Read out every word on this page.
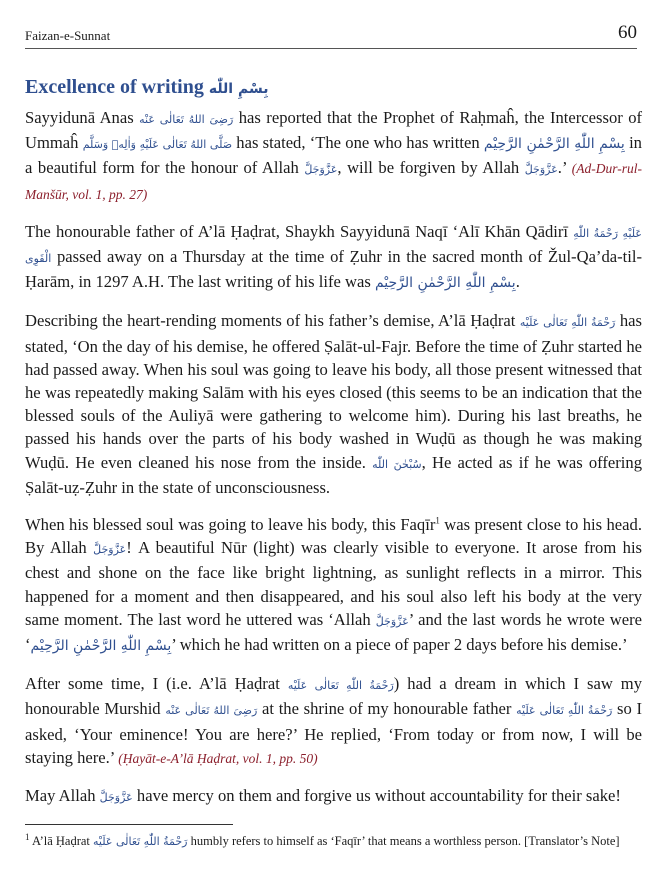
Faizan-e-Sunnat	60
Excellence of writing بِسْمِ اللّٰه

Sayyidunā Anas رَضِیَ اللهُ تَعَالٰی عَنْه has reported that the Prophet of Raḥmaĥ, the Intercessor of Ummaĥ صَلَّی اللهُ تَعَالٰی عَلَیْهِ وَاٰلِهٖ وَسَلَّم has stated, ‘The one who has written بِسْمِ اللّٰهِ الرَّحْمٰنِ الرَّحِیْم in a beautiful form for the honour of Allah عَزَّوَجَلَّ, will be forgiven by Allah عَزَّوَجَلَّ.’ (Ad-Dur-rul-Manšūr, vol. 1, pp. 27)

The honourable father of A’lā Ḥaḍrat, Shaykh Sayyidunā Naqī ‘Alī Khān Qādirī عَلَیْهِ رَحْمَةُ اللّٰهِ الْقَوِی passed away on a Thursday at the time of Ẓuhr in the sacred month of Žul-Qa’da-til-Ḥarām, in 1297 A.H. The last writing of his life was بِسْمِ اللّٰهِ الرَّحْمٰنِ الرَّحِیْم.

Describing the heart-rending moments of his father’s demise, A’lā Ḥaḍrat رَحْمَةُ اللّٰهِ تَعَالٰی عَلَیْه has stated, ‘On the day of his demise, he offered Ṣalāt-ul-Fajr. Before the time of Ẓuhr started he had passed away. When his soul was going to leave his body, all those present witnessed that he was repeatedly making Salām with his eyes closed (this seems to be an indication that the blessed souls of the Auliyā were gathering to welcome him). During his last breaths, he passed his hands over the parts of his body washed in Wuḍū as though he was making Wuḍū. He even cleaned his nose from the inside. سُبْحٰنَ اللّٰه, He acted as if he was offering Ṣalāt-uẓ-Ẓuhr in the state of unconsciousness.

When his blessed soul was going to leave his body, this Faqīr$^1$ was present close to his head. By Allah عَزَّوَجَلَّ! A beautiful Nūr (light) was clearly visible to everyone. It arose from his chest and shone on the face like bright lightning, as sunlight reflects in a mirror. This happened for a moment and then disappeared, and his soul also left his body at the very same moment. The last word he uttered was ‘Allah عَزَّوَجَلَّ’ and the last words he wrote were ‘بِسْمِ اللّٰهِ الرَّحْمٰنِ الرَّحِیْم’ which he had written on a piece of paper 2 days before his demise.’

After some time, I (i.e. A’lā Ḥaḍrat رَحْمَةُ اللّٰهِ تَعَالٰی عَلَیْه) had a dream in which I saw my honourable Murshid رَضِیَ اللهُ تَعَالٰی عَنْه at the shrine of my honourable father رَحْمَةُ اللّٰهِ تَعَالٰی عَلَیْه so I asked, ‘Your eminence! You are here?’ He replied, ‘From today or from now, I will be staying here.’ (Ḥayāt-e-A’lā Ḥaḍrat, vol. 1, pp. 50)

May Allah عَزَّوَجَلَّ have mercy on them and forgive us without accountability for their sake!

$^1$ A’lā Ḥaḍrat رَحْمَةُ اللّٰهِ تَعَالٰی عَلَیْه humbly refers to himself as ‘Faqīr’ that means a worthless person. [Translator’s Note]
